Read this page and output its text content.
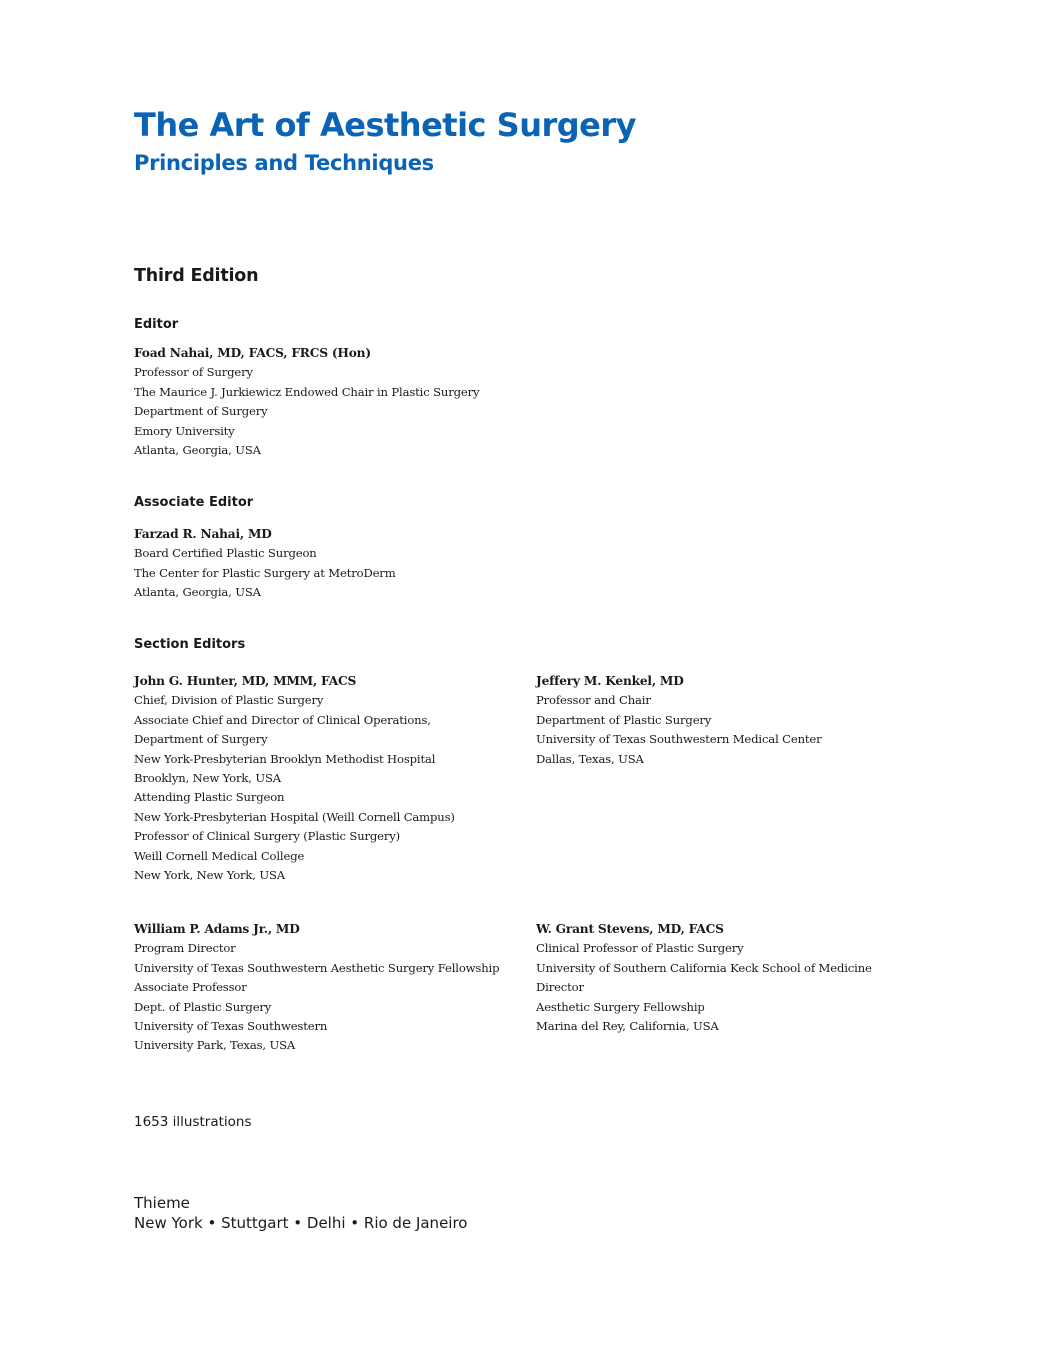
The Art of Aesthetic Surgery
Principles and Techniques
Third Edition
Editor
Foad Nahai, MD, FACS, FRCS (Hon)
Professor of Surgery
The Maurice J. Jurkiewicz Endowed Chair in Plastic Surgery
Department of Surgery
Emory University
Atlanta, Georgia, USA
Associate Editor
Farzad R. Nahai, MD
Board Certified Plastic Surgeon
The Center for Plastic Surgery at MetroDerm
Atlanta, Georgia, USA
Section Editors
John G. Hunter, MD, MMM, FACS
Chief, Division of Plastic Surgery
Associate Chief and Director of Clinical Operations,
Department of Surgery
New York-Presbyterian Brooklyn Methodist Hospital
Brooklyn, New York, USA
Attending Plastic Surgeon
New York-Presbyterian Hospital (Weill Cornell Campus)
Professor of Clinical Surgery (Plastic Surgery)
Weill Cornell Medical College
New York, New York, USA
Jeffery M. Kenkel, MD
Professor and Chair
Department of Plastic Surgery
University of Texas Southwestern Medical Center
Dallas, Texas, USA
William P. Adams Jr., MD
Program Director
University of Texas Southwestern Aesthetic Surgery Fellowship
Associate Professor
Dept. of Plastic Surgery
University of Texas Southwestern
University Park, Texas, USA
W. Grant Stevens, MD, FACS
Clinical Professor of Plastic Surgery
University of Southern California Keck School of Medicine
Director
Aesthetic Surgery Fellowship
Marina del Rey, California, USA
1653 illustrations
Thieme
New York • Stuttgart • Delhi • Rio de Janeiro
